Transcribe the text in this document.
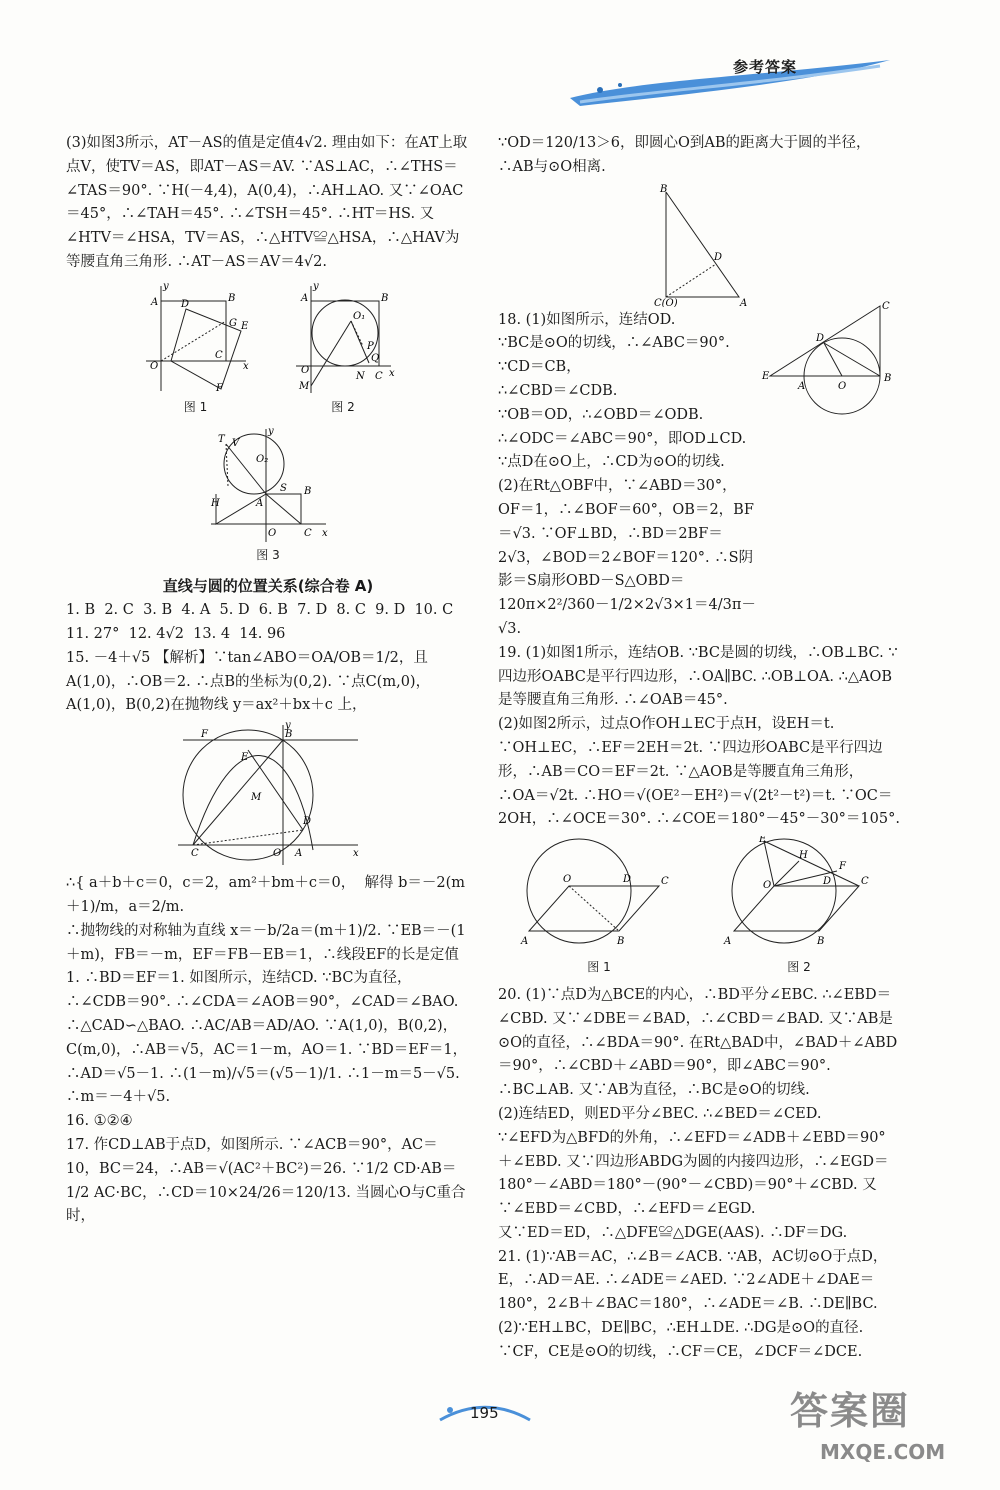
参考答案

(3)如图3所示，AT－AS的值是定值4√2. 理由如下：在AT上取点V，使TV＝AS，即AT－AS＝AV. ∵AS⊥AC，∴∠THS＝∠TAS＝90°. ∵H(－4,4)，A(0,4)，∴AH⊥AO. 又∵∠OAC＝45°，∴∠TAH＝45°. ∴∠TSH＝45°. ∴HT＝HS. 又∠HTV＝∠HSA，TV＝AS，∴△HTV≌△HSA，∴△HAV为等腰直角三角形. ∴AT－AS＝AV＝4√2.

A	B
O
E
F
G
C
D
x
y
图 1
A	B
O
M
O₁
Q
N C
P
x
y
图 2
T V
O₂
S B
H	A
O	C x
y
图 3

直线与圆的位置关系(综合卷 A)

1. B  2. C  3. B  4. A  5. D  6. B  7. D  8. C  9. D  10. C

11. 27°  12. 4√2  13. 4  14. 96

15. －4＋√5 【解析】∵tan∠ABO＝OA/OB＝1/2，且A(1,0)，∴OB＝2. ∴点B的坐标为(0,2). ∵点C(m,0)，A(1,0)，B(0,2)在抛物线 y＝ax²＋bx＋c 上，

F	B
E
M
D
C	O A	x
y

∴{ a＋b＋c＝0，c＝2，am²＋bm＋c＝0，  解得 b＝－2(m＋1)/m，a＝2/m.

∴抛物线的对称轴为直线 x＝－b/2a＝(m＋1)/2. ∵EB＝－(1＋m)，FB＝－m，EF＝FB－EB＝1，∴线段EF的长是定值1. ∴BD＝EF＝1. 如图所示，连结CD. ∵BC为直径，∴∠CDB＝90°. ∴∠CDA＝∠AOB＝90°，∠CAD＝∠BAO. ∴△CAD∽△BAO. ∴AC/AB＝AD/AO. ∵A(1,0)，B(0,2)，C(m,0)，∴AB＝√5，AC＝1－m，AO＝1. ∵BD＝EF＝1，∴AD＝√5－1. ∴(1－m)/√5＝(√5－1)/1. ∴1－m＝5－√5. ∴m＝－4＋√5.

16. ①②④

17. 作CD⊥AB于点D，如图所示. ∵∠ACB＝90°，AC＝10，BC＝24，∴AB＝√(AC²＋BC²)＝26. ∵1/2 CD·AB＝1/2 AC·BC，∴CD＝10×24/26＝120/13. 当圆心O与C重合时，

∵OD＝120/13＞6，即圆心O到AB的距离大于圆的半径，∴AB与⊙O相离.

B
D
C(O)	A
E
A	O
B
C
D

18. (1)如图所示，连结OD.
∵BC是⊙O的切线，∴∠ABC＝90°.
∵CD＝CB，
∴∠CBD＝∠CDB.
∵OB＝OD，∴∠OBD＝∠ODB.
∴∠ODC＝∠ABC＝90°，即OD⊥CD.
∵点D在⊙O上，∴CD为⊙O的切线.
(2)在Rt△OBF中，∵∠ABD＝30°，OF＝1，∴∠BOF＝60°，OB＝2，BF＝√3. ∵OF⊥BD，∴BD＝2BF＝2√3，∠BOD＝2∠BOF＝120°. ∴S阴影＝S扇形OBD－S△OBD＝120π×2²/360－1/2×2√3×1＝4/3π－√3.

19. (1)如图1所示，连结OB. ∵BC是圆的切线，∴OB⊥BC. ∵四边形OABC是平行四边形，∴OA∥BC. ∴OB⊥OA. ∴△AOB是等腰直角三角形. ∴∠OAB＝45°.
(2)如图2所示，过点O作OH⊥EC于点H，设EH＝t. ∵OH⊥EC，∴EF＝2EH＝2t. ∵四边形OABC是平行四边形，∴AB＝CO＝EF＝2t. ∵△AOB是等腰直角三角形，∴OA＝√2t. ∴HO＝√(OE²－EH²)＝√(2t²－t²)＝t. ∵OC＝2OH，∴∠OCE＝30°. ∴∠COE＝180°－45°－30°＝105°.

O	D	C
A	B
图 1
E
H
F
O	D	C
A	B
图 2

20. (1)∵点D为△BCE的内心，∴BD平分∠EBC. ∴∠EBD＝∠CBD. 又∵∠DBE＝∠BAD，∴∠CBD＝∠BAD. 又∵AB是⊙O的直径，∴∠BDA＝90°. 在Rt△BAD中，∠BAD＋∠ABD＝90°，∴∠CBD＋∠ABD＝90°，即∠ABC＝90°. ∴BC⊥AB. 又∵AB为直径，∴BC是⊙O的切线.
(2)连结ED，则ED平分∠BEC. ∴∠BED＝∠CED.
∵∠EFD为△BFD的外角，∴∠EFD＝∠ADB＋∠EBD＝90°＋∠EBD. 又∵四边形ABDG为圆的内接四边形，∴∠EGD＝180°－∠ABD＝180°－(90°－∠CBD)＝90°＋∠CBD. 又∵∠EBD＝∠CBD，∴∠EFD＝∠EGD.
又∵ED＝ED，∴△DFE≌△DGE(AAS). ∴DF＝DG.

21. (1)∵AB＝AC，∴∠B＝∠ACB. ∵AB，AC切⊙O于点D，E，∴AD＝AE. ∴∠ADE＝∠AED. ∵2∠ADE＋∠DAE＝180°，2∠B＋∠BAC＝180°，∴∠ADE＝∠B. ∴DE∥BC.
(2)∵EH⊥BC，DE∥BC，∴EH⊥DE. ∴DG是⊙O的直径. ∵CF，CE是⊙O的切线，∴CF＝CE，∠DCF＝∠DCE.

195	答案圈
MXQE.COM
